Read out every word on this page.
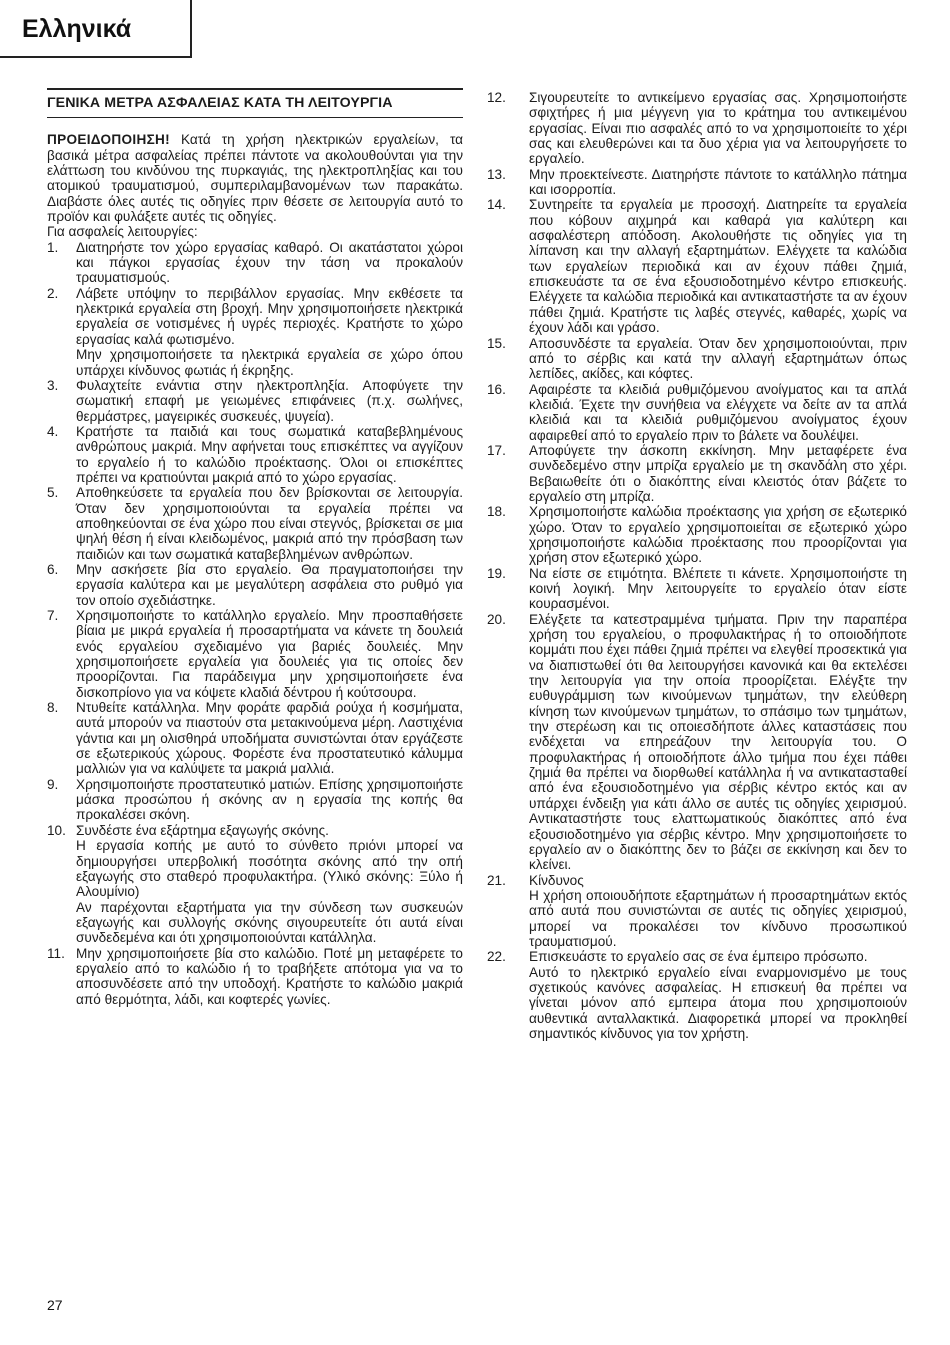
Ελληνικά
ΓΕΝΙΚΑ ΜΕΤΡΑ ΑΣΦΑΛΕΙΑΣ ΚΑΤΑ ΤΗ ΛΕΙΤΟΥΡΓΙΑ

ΠΡΟΕΙΔΟΠΟΙΗΣΗ! Κατά τη χρήση ηλεκτρικών εργαλείων, τα βασικά μέτρα ασφαλείας πρέπει πάντοτε να ακολουθούνται για την ελάττωση του κινδύνου της πυρκαγιάς, της ηλεκτροπληξίας και του ατομικού τραυματισμού, συμπεριλαμβανομένων των παρακάτω. Διαβάστε όλες αυτές τις οδηγίες πριν θέσετε σε λειτουργία αυτό το προϊόν και φυλάξετε αυτές τις οδηγίες.

Για ασφαλείς λειτουργίες:

1.	Διατηρήστε τον χώρο εργασίας καθαρό. Οι ακατάστατοι χώροι και πάγκοι εργασίας έχουν την τάση να προκαλούν τραυματισμούς.

2.	Λάβετε υπόψην το περιβάλλον εργασίας. Μην εκθέσετε τα ηλεκτρικά εργαλεία στη βροχή. Μην χρησιμοποιήσετε ηλεκτρικά εργαλεία σε νοτισμένες ή υγρές περιοχές. Κρατήστε το χώρο εργασίας καλά φωτισμένο.

Μην χρησιμοποιήσετε τα ηλεκτρικά εργαλεία σε χώρο όπου υπάρχει κίνδυνος φωτιάς ή έκρηξης.

3.	Φυλαχτείτε ενάντια στην ηλεκτροπληξία. Αποφύγετε την σωματική επαφή με γειωμένες επιφάνειες (π.χ. σωλήνες, θερμάστρες, μαγειρικές συσκευές, ψυγεία).

4.	Κρατήστε τα παιδιά και τους σωματικά καταβεβλημένους ανθρώπους μακριά. Μην αφήνεται τους επισκέπτες να αγγίζουν το εργαλείο ή το καλώδιο προέκτασης. Όλοι οι επισκέπτες πρέπει να κρατιούνται μακριά από το χώρο εργασίας.

5.	Αποθηκεύσετε τα εργαλεία που δεν βρίσκονται σε λειτουργία. Όταν δεν χρησιμοποιούνται τα εργαλεία πρέπει να αποθηκεύονται σε ένα χώρο που είναι στεγνός, βρίσκεται σε μια ψηλή θέση ή είναι κλειδωμένος, μακριά από την πρόσβαση των παιδιών και των σωματικά καταβεβλημένων ανθρώπων.

6.	Μην ασκήσετε βία στο εργαλείο. Θα πραγματοποιήσει την εργασία καλύτερα και με μεγαλύτερη ασφάλεια στο ρυθμό για τον οποίο σχεδιάστηκε.

7.	Χρησιμοποιήστε το κατάλληλο εργαλείο. Μην προσπαθήσετε βίαια με μικρά εργαλεία ή προσαρτήματα να κάνετε τη δουλειά ενός εργαλείου σχεδιαμένο για βαριές δουλειές. Μην χρησιμοποιήσετε εργαλεία για δουλειές για τις οποίες δεν προορίζονται. Για παράδειγμα μην χρησιμοποιήσετε ένα δισκοπρίονο για να κόψετε κλαδιά δέντρου ή κούτσουρα.

8.	Ντυθείτε κατάλληλα. Μην φοράτε φαρδιά ρούχα ή κοσμήματα, αυτά μπορούν να πιαστούν στα μετακινούμενα μέρη. Λαστιχένια γάντια και μη ολισθηρά υποδήματα συνιστώνται όταν εργάζεστε σε εξωτερικούς χώρους. Φορέστε ένα προστατευτικό κάλυμμα μαλλιών για να καλύψετε τα μακριά μαλλιά.

9.	Χρησιμοποιήστε προστατευτικό ματιών. Επίσης χρησιμοποιήστε μάσκα προσώπου ή σκόνης αν η εργασία της κοπής θα προκαλέσει σκόνη.

10. Συνδέστε ένα εξάρτημα εξαγωγής σκόνης.

Η εργασία κοπής με αυτό το σύνθετο πριόνι μπορεί να δημιουργήσει υπερβολική ποσότητα σκόνης από την οπή εξαγωγής στο σταθερό προφυλακτήρα. (Υλικό σκόνης: Ξύλο ή Αλουμίνιο)

Αν παρέχονται εξαρτήματα για την σύνδεση των συσκευών εξαγωγής και συλλογής σκόνης σιγουρευτείτε ότι αυτά είναι συνδεδεμένα και ότι χρησιμοποιούνται κατάλληλα.

11. Μην χρησιμοποιήσετε βία στο καλώδιο. Ποτέ μη μεταφέρετε το εργαλείο από το καλώδιο ή το τραβήξετε απότομα για να το αποσυνδέσετε από την υποδοχή. Κρατήστε το καλώδιο μακριά από θερμότητα, λάδι, και κοφτερές γωνίες.

12.	Σιγουρευτείτε το αντικείμενο εργασίας σας. Χρησιμοποιήστε σφιχτήρες ή μια μέγγενη για το κράτημα του αντικειμένου εργασίας. Είναι πιο ασφαλές από το να χρησιμοποιείτε το χέρι σας και ελευθερώνει και τα δυο χέρια για να λειτουργήσετε το εργαλείο.

13.	Μην προεκτείνεστε. Διατηρήστε πάντοτε το κατάλληλο πάτημα και ισορροπία.

14.	Συντηρείτε τα εργαλεία με προσοχή. Διατηρείτε τα εργαλεία που κόβουν αιχμηρά και καθαρά για καλύτερη και ασφαλέστερη απόδοση. Ακολουθήστε τις οδηγίες για τη λίπανση και την αλλαγή εξαρτημάτων. Ελέγχετε τα καλώδια των εργαλείων περιοδικά και αν έχουν πάθει ζημιά, επισκευάστε τα σε ένα εξουσιοδοτημένο κέντρο επισκευής. Ελέγχετε τα καλώδια περιοδικά και αντικαταστήστε τα αν έχουν πάθει ζημιά. Κρατήστε τις λαβές στεγνές, καθαρές, χωρίς να έχουν λάδι και γράσο.

15.	Αποσυνδέστε τα εργαλεία. Όταν δεν χρησιμοποιούνται, πριν από το σέρβις και κατά την αλλαγή εξαρτημάτων όπως λεπίδες, ακίδες, και κόφτες.

16.	Αφαιρέστε τα κλειδιά ρυθμιζόμενου ανοίγματος και τα απλά κλειδιά. Έχετε την συνήθεια να ελέγχετε να δείτε αν τα απλά κλειδιά και τα κλειδιά ρυθμιζόμενου ανοίγματος έχουν αφαιρεθεί από το εργαλείο πριν το βάλετε να δουλέψει.

17.	Αποφύγετε την άσκοπη εκκίνηση. Μην μεταφέρετε ένα συνδεδεμένο στην μπρίζα εργαλείο με τη σκανδάλη στο χέρι. Βεβαιωθείτε ότι ο διακόπτης είναι κλειστός όταν βάζετε το εργαλείο στη μπρίζα.

18.	Χρησιμοποιήστε καλώδια προέκτασης για χρήση σε εξωτερικό χώρο. Όταν το εργαλείο χρησιμοποιείται σε εξωτερικό χώρο χρησιμοποιήστε καλώδια προέκτασης που προορίζονται για χρήση στον εξωτερικό χώρο.

19.	Να είστε σε ετιμότητα. Βλέπετε τι κάνετε. Χρησιμοποιήστε τη κοινή λογική. Μην λειτουργείτε το εργαλείο όταν είστε κουρασμένοι.

20.	Ελέγξετε τα κατεστραμμένα τμήματα. Πριν την παραπέρα χρήση του εργαλείου, ο προφυλακτήρας ή το οποιοδήποτε κομμάτι που έχει πάθει ζημιά πρέπει να ελεγθεί προσεκτικά για να διαπιστωθεί ότι θα λειτουργήσει κανονικά και θα εκτελέσει την λειτουργία για την οποία προορίζεται. Ελέγξτε την ευθυγράμμιση των κινούμενων τμημάτων, την ελεύθερη κίνηση των κινούμενων τμημάτων, το σπάσιμο των τμημάτων, την στερέωση και τις οποιεσδήποτε άλλες καταστάσεις που ενδέχεται να επηρεάζουν την λειτουργία του. Ο προφυλακτήρας ή οποιοδήποτε άλλο τμήμα που έχει πάθει ζημιά θα πρέπει να διορθωθεί κατάλληλα ή να αντικατασταθεί από ένα εξουσιοδοτημένο για σέρβις κέντρο εκτός και αν υπάρχει ένδειξη για κάτι άλλο σε αυτές τις οδηγίες χειρισμού. Αντικαταστήστε τους ελαττωματικούς διακόπτες από ένα εξουσιοδοτημένο για σέρβις κέντρο. Μην χρησιμοποιήσετε το εργαλείο αν ο διακόπτης δεν το βάζει σε εκκίνηση και δεν το κλείνει.

21.	Κίνδυνος

Η χρήση οποιουδήποτε εξαρτημάτων ή προσαρτημάτων εκτός από αυτά που συνιστώνται σε αυτές τις οδηγίες χειρισμού, μπορεί να προκαλέσει τον κίνδυνο προσωπικού τραυματισμού.

22.	Επισκευάστε το εργαλείο σας σε ένα έμπειρο πρόσωπο.

Αυτό το ηλεκτρικό εργαλείο είναι εναρμονισμένο με τους σχετικούς κανόνες ασφαλείας. Η επισκευή θα πρέπει να γίνεται μόνον από εμπειρα άτομα που χρησιμοποιούν αυθεντικά ανταλλακτικά. Διαφορετικά μπορεί να προκληθεί σημαντικός κίνδυνος για τον χρήστη.

27
